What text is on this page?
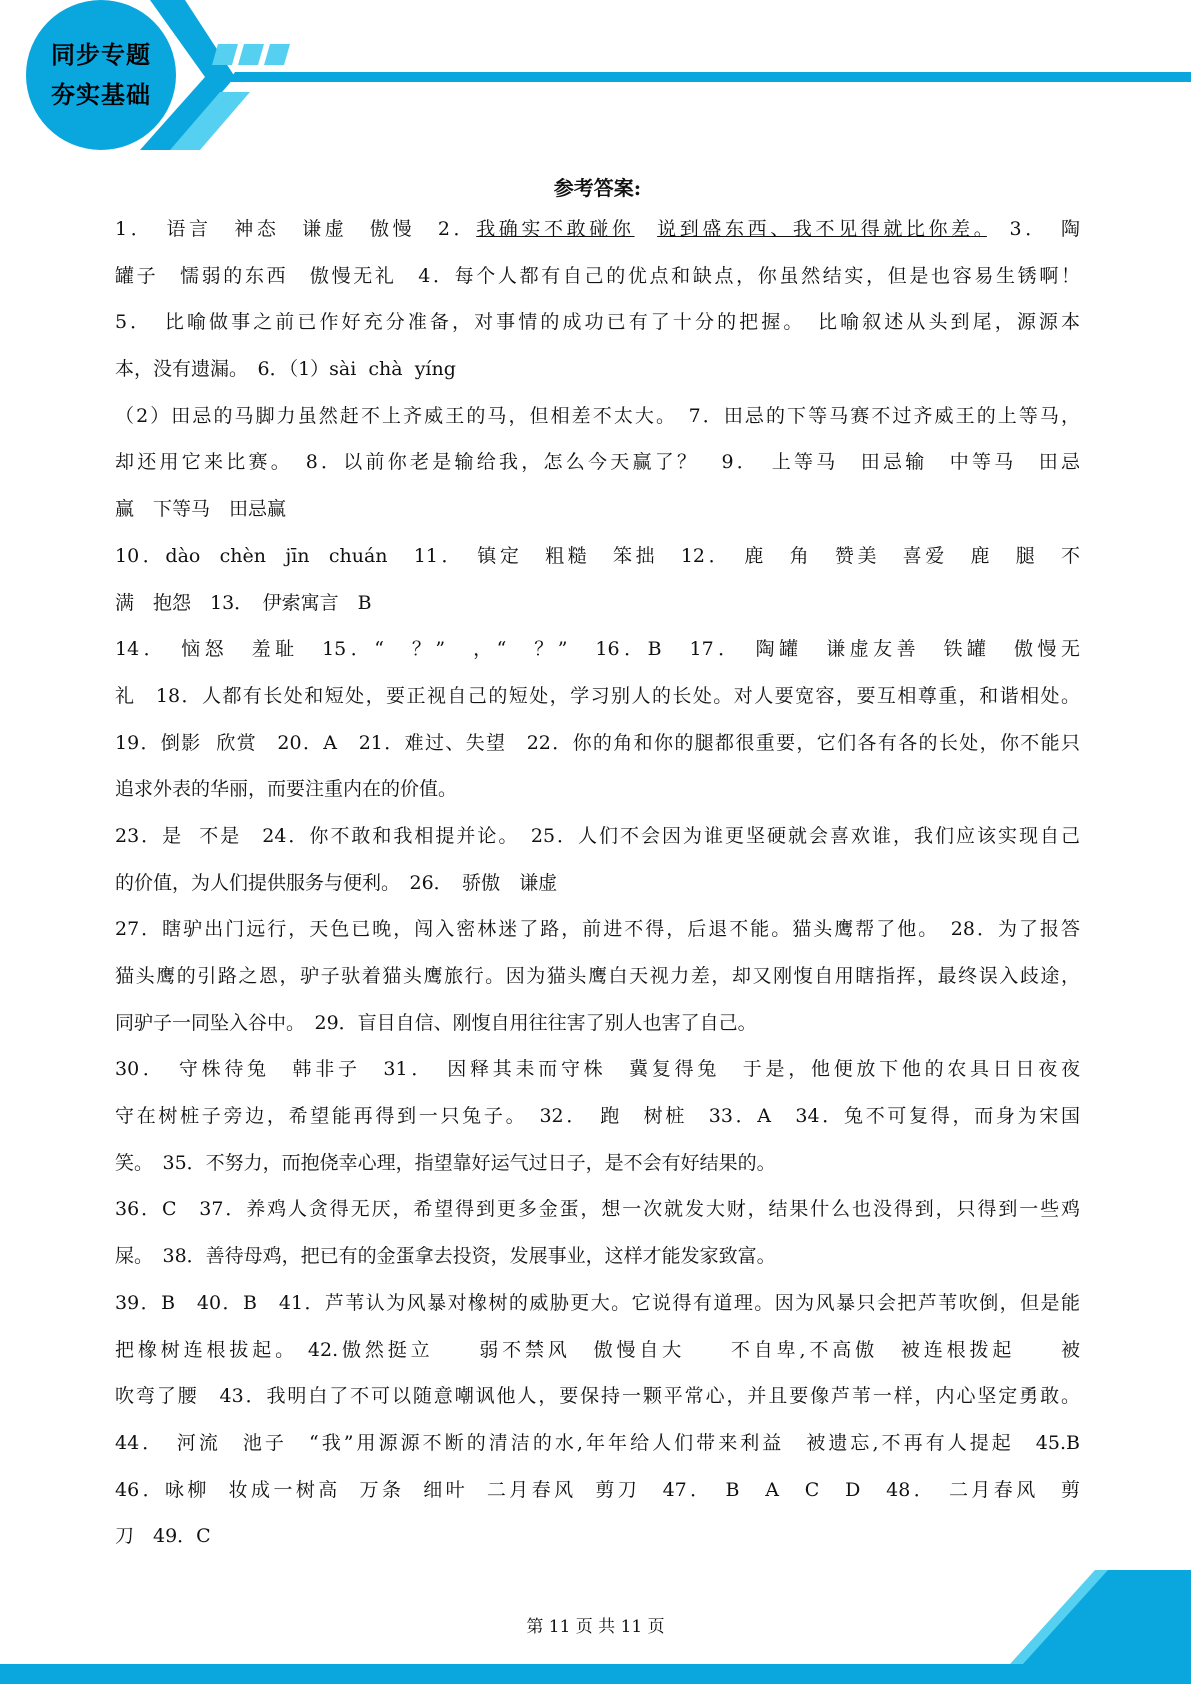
同步专题
夯实基础
参考答案:
1．　语言　神态　谦虚　傲慢　2．我确实不敢碰你　 说到盛东西、我不见得就比你差。　3．　陶
罐子　懦弱的东西　傲慢无礼　4．每个人都有自己的优点和缺点，你虽然结实，但是也容易生锈啊！
5．　比喻做事之前已作好充分准备，对事情的成功已有了十分的把握。　比喻叙述从头到尾，源源本
本，没有遗漏。　6．（1）sài  chà  yíng
（2）田忌的马脚力虽然赶不上齐威王的马，但相差不太大。　7．田忌的下等马赛不过齐威王的上等马，
却还用它来比赛。　8．以前你老是输给我，怎么今天赢了？　9．　上等马　田忌输　中等马　田忌
赢　下等马　田忌赢
10．dào  chèn  jīn  chuán　11．　镇定　粗糙　笨拙　12．　鹿　角　赞美　喜爱　鹿　腿　不
满　抱怨　13．　伊索寓言　B
14．　恼怒　羞耻　15．“　？”　，“　？”　16．B　17．　陶罐　谦虚友善　铁罐　傲慢无
礼　18．人都有长处和短处，要正视自己的短处，学习别人的长处。对人要宽容，要互相尊重，和谐相处。
19．倒影  欣赏　20．A　21．难过、失望　22．你的角和你的腿都很重要，它们各有各的长处，你不能只
追求外表的华丽，而要注重内在的价值。
23．是  不是　24．你不敢和我相提并论。　25．人们不会因为谁更坚硬就会喜欢谁，我们应该实现自己
的价值，为人们提供服务与便利。　26．　骄傲　谦虚
27．瞎驴出门远行，天色已晚，闯入密林迷了路，前进不得，后退不能。猫头鹰帮了他。　28．为了报答
猫头鹰的引路之恩，驴子驮着猫头鹰旅行。因为猫头鹰白天视力差，却又刚愎自用瞎指挥，最终误入歧途，
同驴子一同坠入谷中。　29．盲目自信、刚愎自用往往害了别人也害了自己。
30．　守株待兔　韩非子　31．　因释其耒而守株　冀复得兔　于是，他便放下他的农具日日夜夜
守在树桩子旁边，希望能再得到一只兔子。　32．　跑　树桩　33．A　34．兔不可复得，而身为宋国
笑。　35．不努力，而抱侥幸心理，指望靠好运气过日子，是不会有好结果的。
36．C　37．养鸡人贪得无厌，希望得到更多金蛋，想一次就发大财，结果什么也没得到，只得到一些鸡
屎。　38．善待母鸡，把已有的金蛋拿去投资，发展事业，这样才能发家致富。
39．B　40．B　41．芦苇认为风暴对橡树的威胁更大。它说得有道理。因为风暴只会把芦苇吹倒，但是能
把橡树连根拔起。 42.傲然挺立　　弱不禁风　傲慢自大　　不自卑,不高傲　被连根拨起　　被
吹弯了腰　43．我明白了不可以随意嘲讽他人，要保持一颗平常心，并且要像芦苇一样，内心坚定勇敢。
44．　河流　池子　“我”用源源不断的清洁的水,年年给人们带来利益　被遗忘,不再有人提起　45.B
46．咏柳  妆成一树高  万条  细叶  二月春风  剪刀　47．　B　A　C　D　48．　二月春风　剪
刀　49．C
第 11 页 共 11 页
